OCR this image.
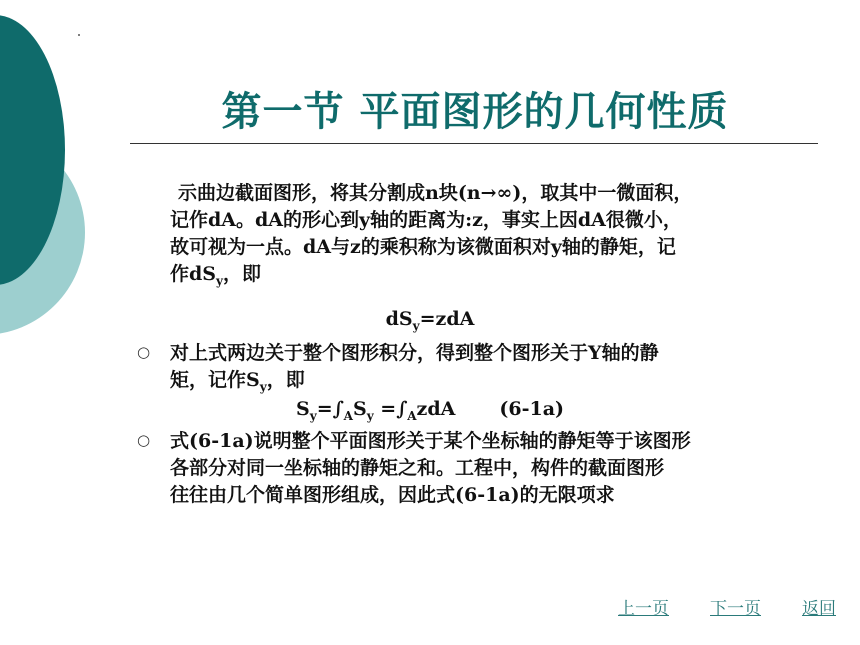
第一节 平面图形的几何性质
示曲边截面图形，将其分割成n块(n→∞)，取其中一微面积，
记作dA。dA的形心到y轴的距离为:z，事实上因dA很微小，
故可视为一点。dA与z的乘积称为该微面积对y轴的静矩，记
作$dS_y$，即
$dS_y=zdA$
○ 对上式两边关于整个图形积分，得到整个图形关于Y轴的静
矩，记作$S_y$，即
$S_y=\int_AS_y =\int_AzdA$ (6-1a)
○ 式(6-1a)说明整个平面图形关于某个坐标轴的静矩等于该图形
各部分对同一坐标轴的静矩之和。工程中，构件的截面图形
往往由几个简单图形组成，因此式(6-1a)的无限项求
上一页 下一页 返回
